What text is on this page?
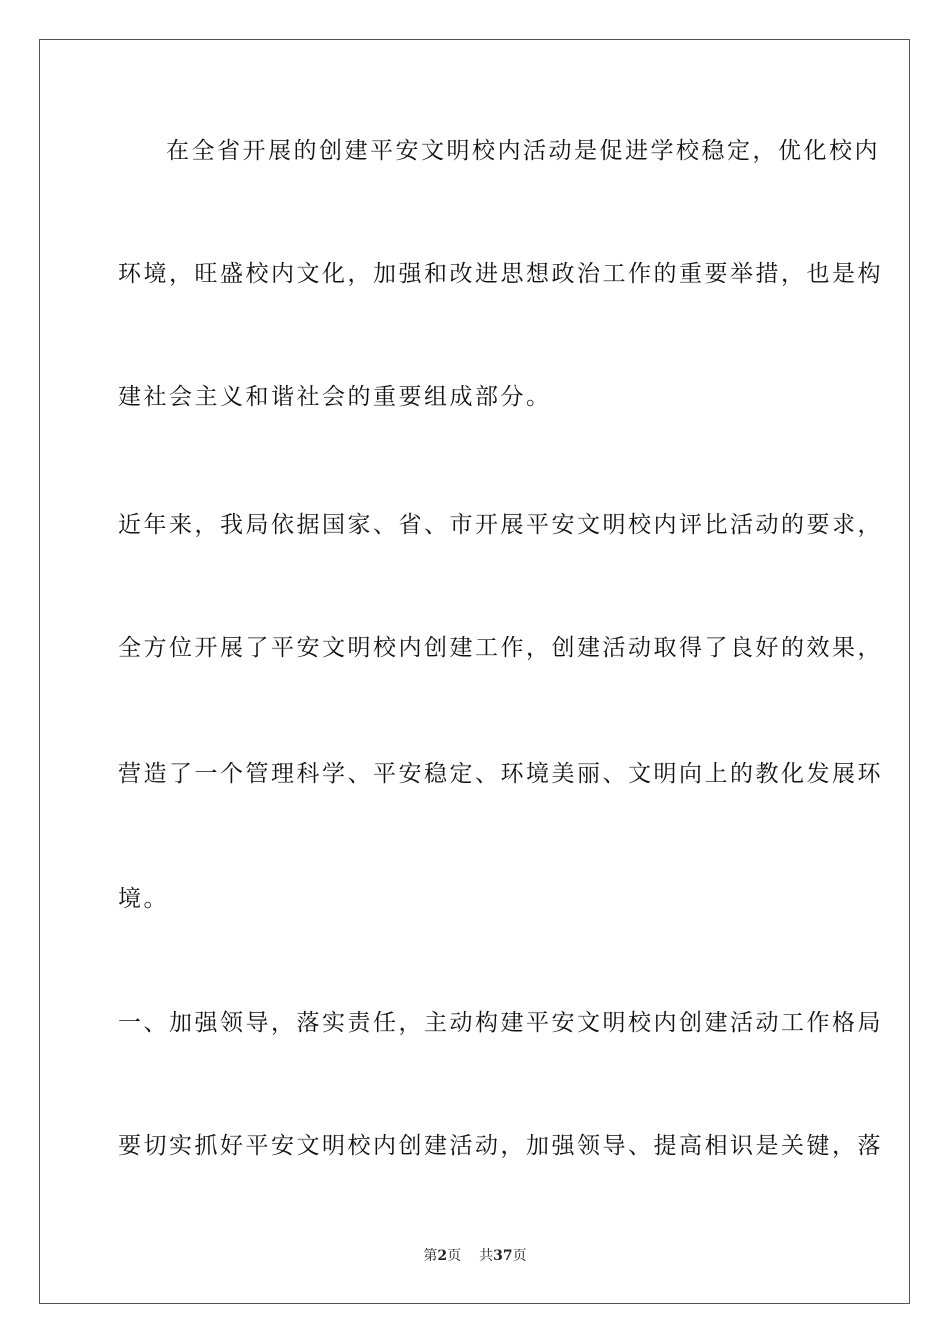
在全省开展的创建平安文明校内活动是促进学校稳定，优化校内
环境，旺盛校内文化，加强和改进思想政治工作的重要举措，也是构
建社会主义和谐社会的重要组成部分。
近年来，我局依据国家、省、市开展平安文明校内评比活动的要求，
全方位开展了平安文明校内创建工作，创建活动取得了良好的效果，
营造了一个管理科学、平安稳定、环境美丽、文明向上的教化发展环
境。
一、加强领导，落实责任，主动构建平安文明校内创建活动工作格局
要切实抓好平安文明校内创建活动，加强领导、提高相识是关键，落
第2页 共37页
